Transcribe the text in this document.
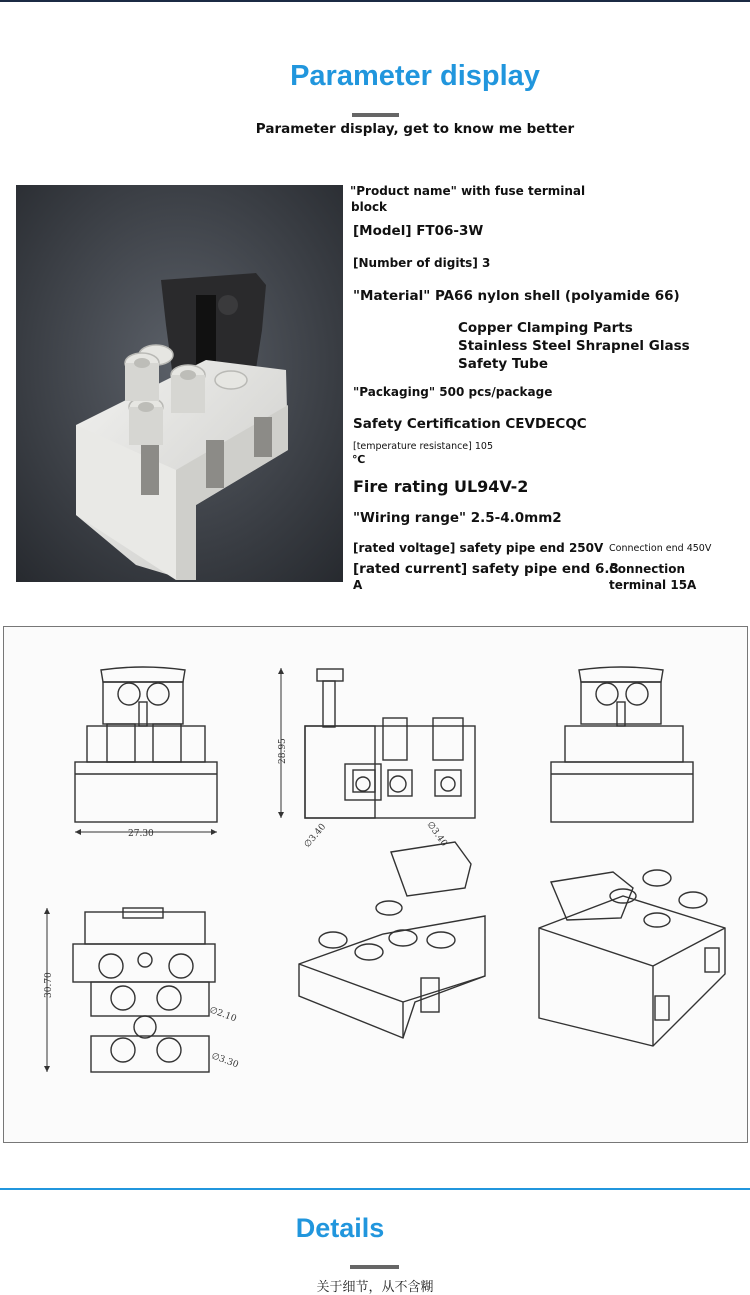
Parameter display
Parameter display, get to know me better
"Product name" with fuse terminal
block
[Model] FT06-3W
[Number of digits] 3
"Material" PA66 nylon shell (polyamide 66)
Copper Clamping Parts
Stainless Steel Shrapnel Glass
Safety Tube
"Packaging" 500 pcs/package
Safety Certification CEVDECQC
[temperature resistance] 105
℃
Fire rating UL94V-2
"Wiring range" 2.5-4.0mm2
[rated voltage] safety pipe end 250V Connection end 450V
[rated current] safety pipe end 6.3
A
Connection
terminal 15A
27.30
28.95
∅3.40	∅3.40
30.70
∅2.10
∅3.30
Details
关于细节，从不含糊
